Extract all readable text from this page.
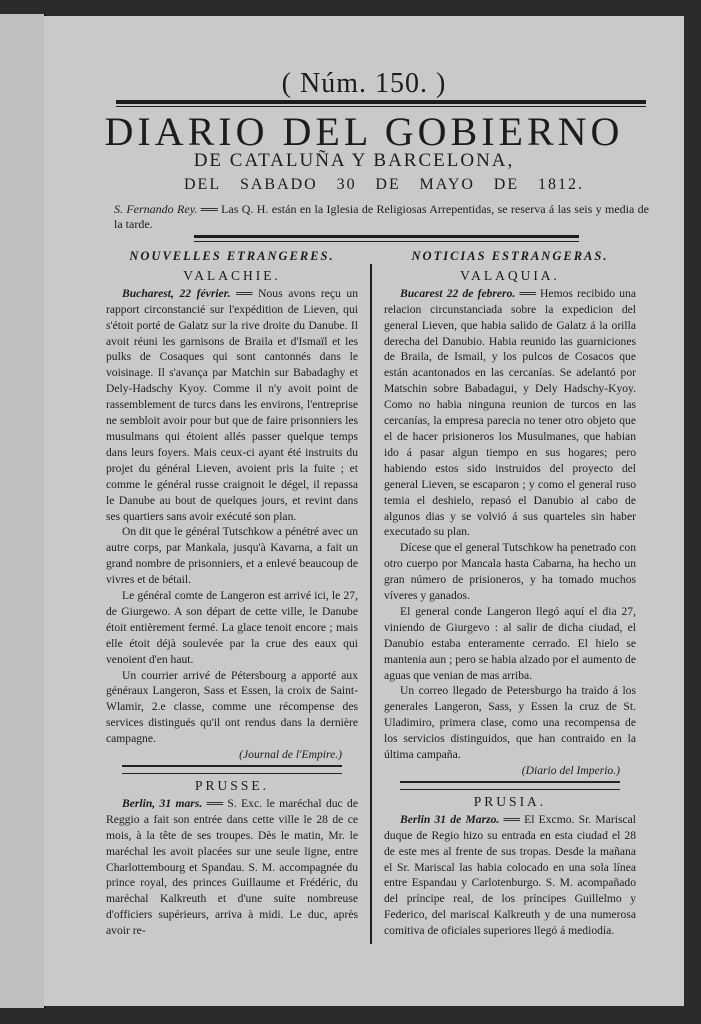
( Núm. 150. )
DIARIO DEL GOBIERNO
DE CATALUÑA Y BARCELONA,
DEL SABADO 30 DE MAYO DE 1812.
S. Fernando Rey. ══ Las Q. H. están en la Iglesia de Religiosas Arrepentidas, se reserva á las seis y media de la tarde.
NOUVELLES ETRANGERES.
VALACHIE.

Bucharest, 22 février. ══ Nous avons reçu un rapport circonstancié sur l'expédition de Lieven, qui s'étoit porté de Galatz sur la rive droite du Danube. Il avoit réuni les garnisons de Braila et d'Ismaïl et les pulks de Cosaques qui sont cantonnés dans le voisinage. Il s'avança par Matchin sur Babadaghy et Dely-Hadschy Kyoy. Comme il n'y avoit point de rassemblement de turcs dans les environs, l'entreprise ne sembloit avoir pour but que de faire prisonniers les musulmans qui étoient allés passer quelque temps dans leurs foyers. Mais ceux-ci ayant été instruits du projet du général Lieven, avoient pris la fuite ; et comme le général russe craignoit le dégel, il repassa le Danube au bout de quelques jours, et revint dans ses quartiers sans avoir exécuté son plan.

On dit que le général Tutschkow a pénétré avec un autre corps, par Mankala, jusqu'à Kavarna, a fait un grand nombre de prisonniers, et a enlevé beaucoup de vivres et de bétail.

Le général comte de Langeron est arrivé ici, le 27, de Giurgewo. A son départ de cette ville, le Danube étoit entièrement fermé. La glace tenoit encore ; mais elle étoit déjà soulevée par la crue des eaux qui venoient d'en haut.

Un courrier arrivé de Pétersbourg a apporté aux généraux Langeron, Sass et Essen, la croix de Saint-Wlamir, 2.e classe, comme une récompense des services distingués qu'il ont rendus dans la dernière campagne.

(Journal de l'Empire.)
PRUSSE.

Berlin, 31 mars. ══ S. Exc. le maréchal duc de Reggio a fait son entrée dans cette ville le 28 de ce mois, à la tête de ses troupes. Dès le matin, Mr. le maréchal les avoit placées sur une seule ligne, entre Charlottembourg et Spandau. S. M. accompagnée du prince royal, des princes Guillaume et Frédéric, du maréchal Kalkreuth et d'une suite nombreuse d'officiers supérieurs, arriva à midi. Le duc, après avoir re-

NOTICIAS ESTRANGERAS.
VALAQUIA.

Bucarest 22 de febrero. ══ Hemos recibido una relacion circunstanciada sobre la expedicion del general Lieven, que habia salido de Galatz á la orilla derecha del Danubio. Habia reunido las guarniciones de Braila, de Ismail, y los pulcos de Cosacos que están acantonados en las cercanías. Se adelantó por Matschin sobre Babadagui, y Dely Hadschy-Kyoy. Como no habia ninguna reunion de turcos en las cercanías, la empresa parecia no tener otro objeto que el de hacer prisioneros los Musulmanes, que habian ido á pasar algun tiempo en sus hogares; pero habiendo estos sido instruidos del proyecto del general Lieven, se escaparon ; y como el general ruso temia el deshielo, repasó el Danubio al cabo de algunos dias y se volvió á sus quarteles sin haber executado su plan.

Dícese que el general Tutschkow ha penetrado con otro cuerpo por Mancala hasta Cabarna, ha hecho un gran número de prisioneros, y ha tomado muchos víveres y ganados.

El general conde Langeron llegó aquí el dia 27, viniendo de Giurgevo : al salir de dicha ciudad, el Danubio estaba enteramente cerrado. El hielo se mantenia aun ; pero se habia alzado por el aumento de aguas que venian de mas arriba.

Un correo llegado de Petersburgo ha traido á los generales Langeron, Sass, y Essen la cruz de St. Uladimiro, primera clase, como una recompensa de los servicios distinguidos, que han contraido en la última campaña.

(Diario del Imperio.)
PRUSIA.

Berlin 31 de Marzo. ══ El Excmo. Sr. Mariscal duque de Regio hizo su entrada en esta ciudad el 28 de este mes al frente de sus tropas. Desde la mañana el Sr. Mariscal las habia colocado en una sola línea entre Espandau y Carlotenburgo. S. M. acompañado del príncipe real, de los príncipes Guillelmo y Federico, del mariscal Kalkreuth y de una numerosa comitiva de oficiales superiores llegó á mediodía.
